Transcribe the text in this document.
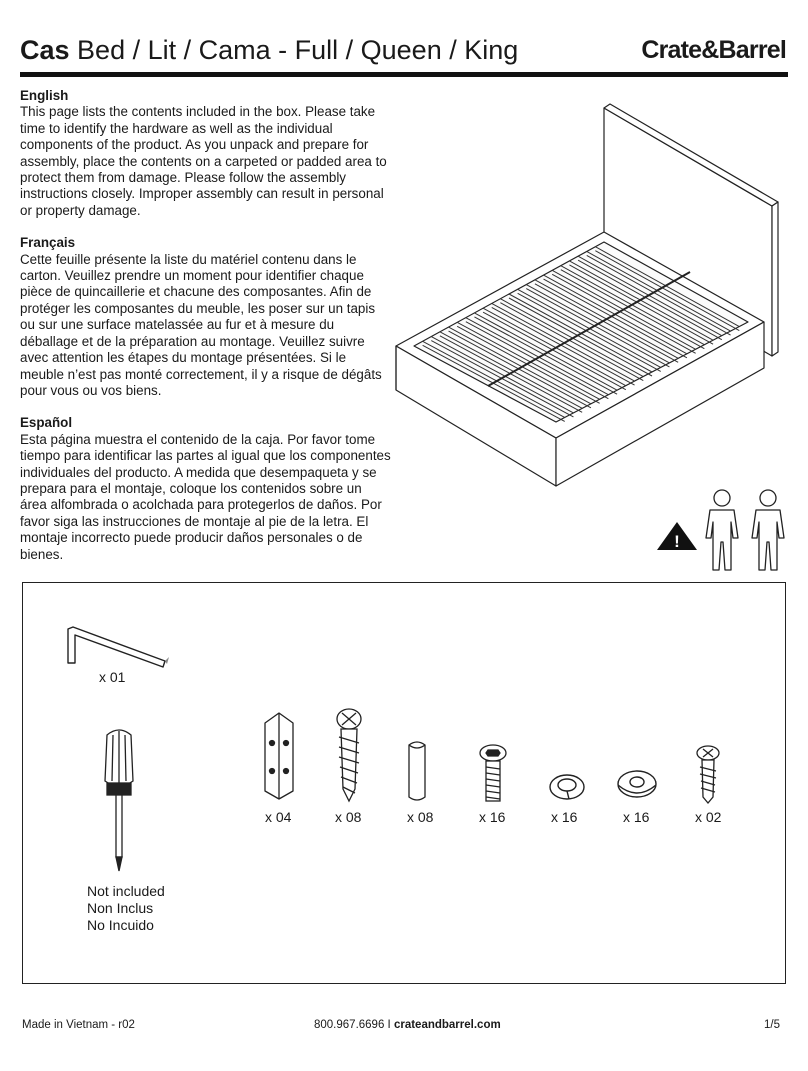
Cas Bed / Lit / Cama - Full / Queen / King	Crate&Barrel
English

This page lists the contents included in the box. Please take time to identify the hardware as well as the individual components of the product. As you unpack and prepare for assembly, place the contents on a carpeted or padded area to protect them from damage. Please follow the assembly instructions closely. Improper assembly can result in personal or property damage.

Français

Cette feuille présente la liste du matériel contenu dans le carton. Veuillez prendre un moment pour identifier chaque pièce de quincaillerie et chacune des composantes. Afin de protéger les composantes du meuble, les poser sur un tapis ou sur une surface matelassée au fur et à mesure du déballage et de la préparation au montage. Veuillez suivre avec attention les étapes du montage présentées. Si le meuble n’est pas monté correctement, il y a risque de dégâts pour vous ou vos biens.

Español

Esta página muestra el contenido de la caja. Por favor tome tiempo para identificar las partes al igual que los componentes individuales del producto. A medida que desempaqueta y se prepara para el montaje, coloque los contenidos sobre un área alfombrada o acolchada para protegerlos de daños. Por favor siga las instrucciones de montaje al pie de la letra. El montaje incorrecto puede producir daños personales o de bienes.

!
x 01
Not included
Non Inclus
No Incuido
x 04	x 08	x 08	x 16	x 16	x 16	x 02
Made in Vietnam - r02	800.967.6696 I crateandbarrel.com	1/5
